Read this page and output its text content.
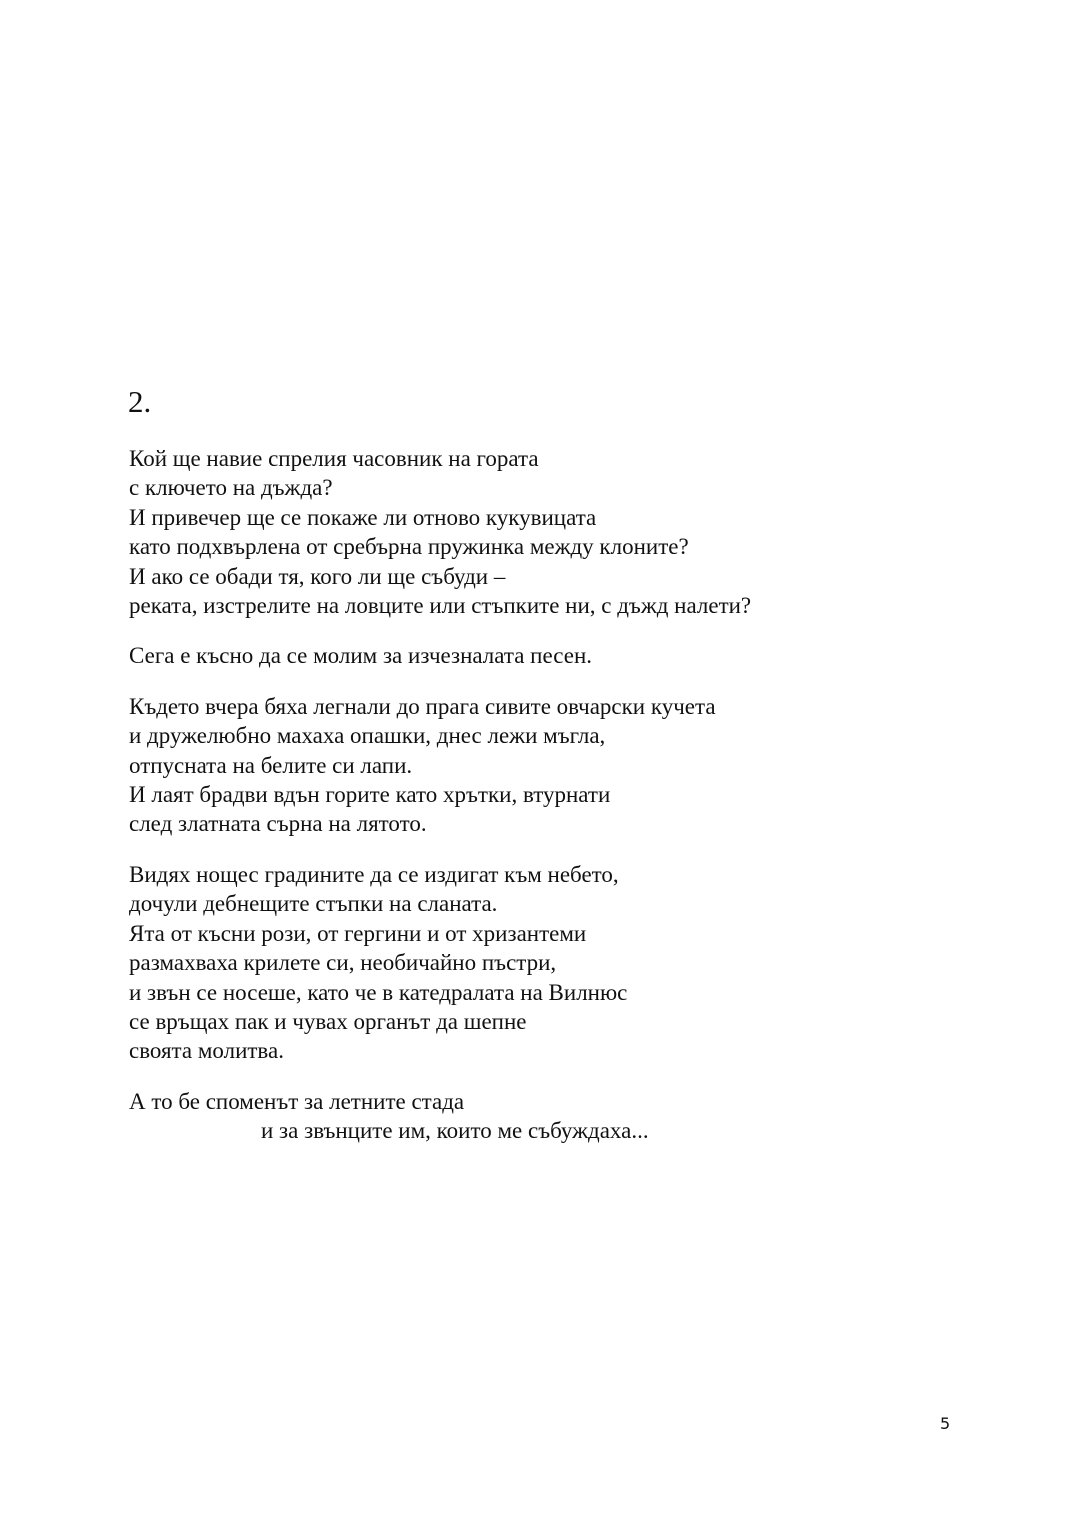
2.

Кой ще навие спрелия часовник на гората
с ключето на дъжда?
И привечер ще се покаже ли отново кукувицата
като подхвърлена от сребърна пружинка между клоните?
И ако се обади тя, кого ли ще събуди –
реката, изстрелите на ловците или стъпките ни, с дъжд налети?

Сега е късно да се молим за изчезналата песен.

Където вчера бяха легнали до прага сивите овчарски кучета
и дружелюбно махаха опашки, днес лежи мъгла,
отпусната на белите си лапи.
И лаят брадви вдън горите като хрътки, втурнати
след златната сърна на лятото.

Видях нощес градините да се издигат към небето,
дочули дебнещите стъпки на сланата.
Ята от късни рози, от гергини и от хризантеми
размахваха крилете си, необичайно пъстри,
и звън се носеше, като че в катедралата на Вилнюс
се връщах пак и чувах органът да шепне
своята молитва.

А то бе споменът за летните стада
и за звънците им, които ме събуждаха...

5
